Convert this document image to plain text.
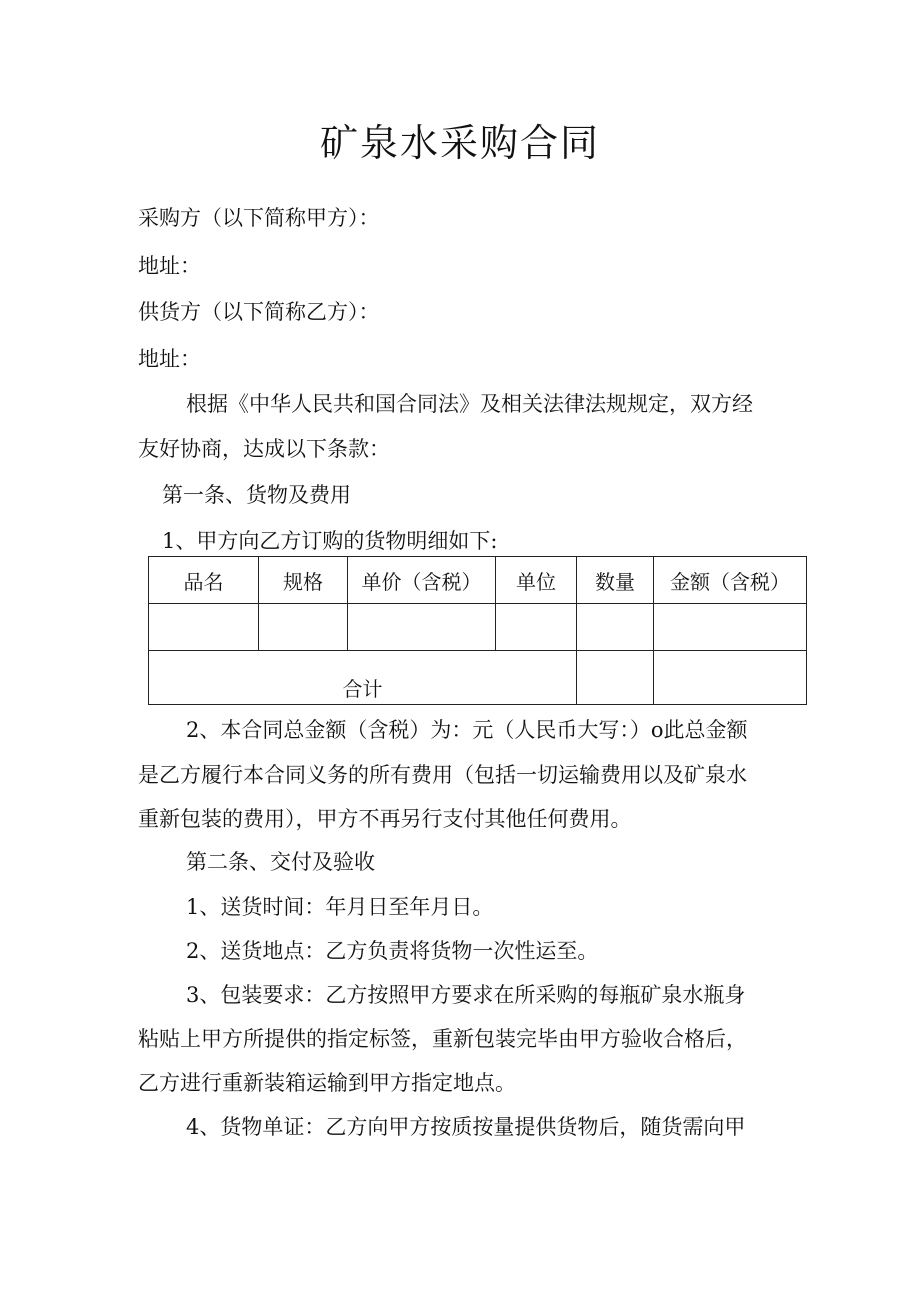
矿泉水采购合同
采购方（以下简称甲方）：
地址：
供货方（以下简称乙方）：
地址：
根据《中华人民共和国合同法》及相关法律法规规定，双方经
友好协商，达成以下条款：
第一条、货物及费用
1、甲方向乙方订购的货物明细如下:
品名	规格	单价（含税）	单位	数量	金额（含税）

合计					
2、本合同总金额（含税）为：元（人民币大写：）o此总金额
是乙方履行本合同义务的所有费用（包括一切运输费用以及矿泉水
重新包装的费用），甲方不再另行支付其他任何费用。
第二条、交付及验收
1、送货时间：年月日至年月日。
2、送货地点：乙方负责将货物一次性运至。
3、包装要求：乙方按照甲方要求在所采购的每瓶矿泉水瓶身
粘贴上甲方所提供的指定标签，重新包装完毕由甲方验收合格后，
乙方进行重新装箱运输到甲方指定地点。
4、货物单证：乙方向甲方按质按量提供货物后，随货需向甲
